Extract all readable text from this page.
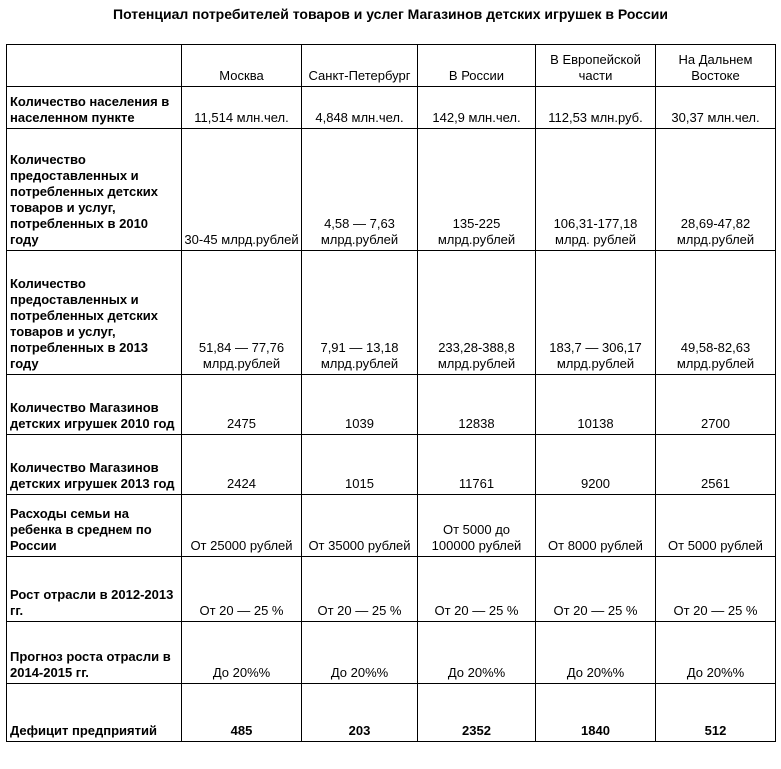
Потенциал потребителей товаров и услег Магазинов детских игрушек в России
	Москва	Санкт-Петербург	В России	В Европейской части	На Дальнем Востоке
Количество населения в населенном пункте	11,514 млн.чел.	4,848 млн.чел.	142,9 млн.чел.	112,53 млн.руб.	30,37 млн.чел.
Количество предоставленных и потребленных детских товаров и услуг, потребленных в 2010 году	30-45 млрд.рублей	4,58 — 7,63 млрд.рублей	135-225 млрд.рублей	106,31-177,18 млрд. рублей	28,69-47,82 млрд.рублей
Количество предоставленных и потребленных детских товаров и услуг, потребленных в 2013 году	51,84 — 77,76 млрд.рублей	7,91 — 13,18 млрд.рублей	233,28-388,8 млрд.рублей	183,7 — 306,17 млрд.рублей	49,58-82,63 млрд.рублей
Количество Магазинов детских игрушек 2010 год	2475	1039	12838	10138	2700
Количество Магазинов детских игрушек 2013 год	2424	1015	11761	9200	2561
Расходы семьи на ребенка в среднем по России	От 25000 рублей	От 35000 рублей	От 5000 до 100000 рублей	От 8000 рублей	От 5000 рублей
Рост отрасли в 2012-2013 гг.	От 20 — 25 %	От 20 — 25 %	От 20 — 25 %	От 20 — 25 %	От 20 — 25 %
Прогноз роста отрасли в 2014-2015 гг.	До 20%%	До 20%%	До 20%%	До 20%%	До 20%%
Дефицит предприятий	485	203	2352	1840	512
